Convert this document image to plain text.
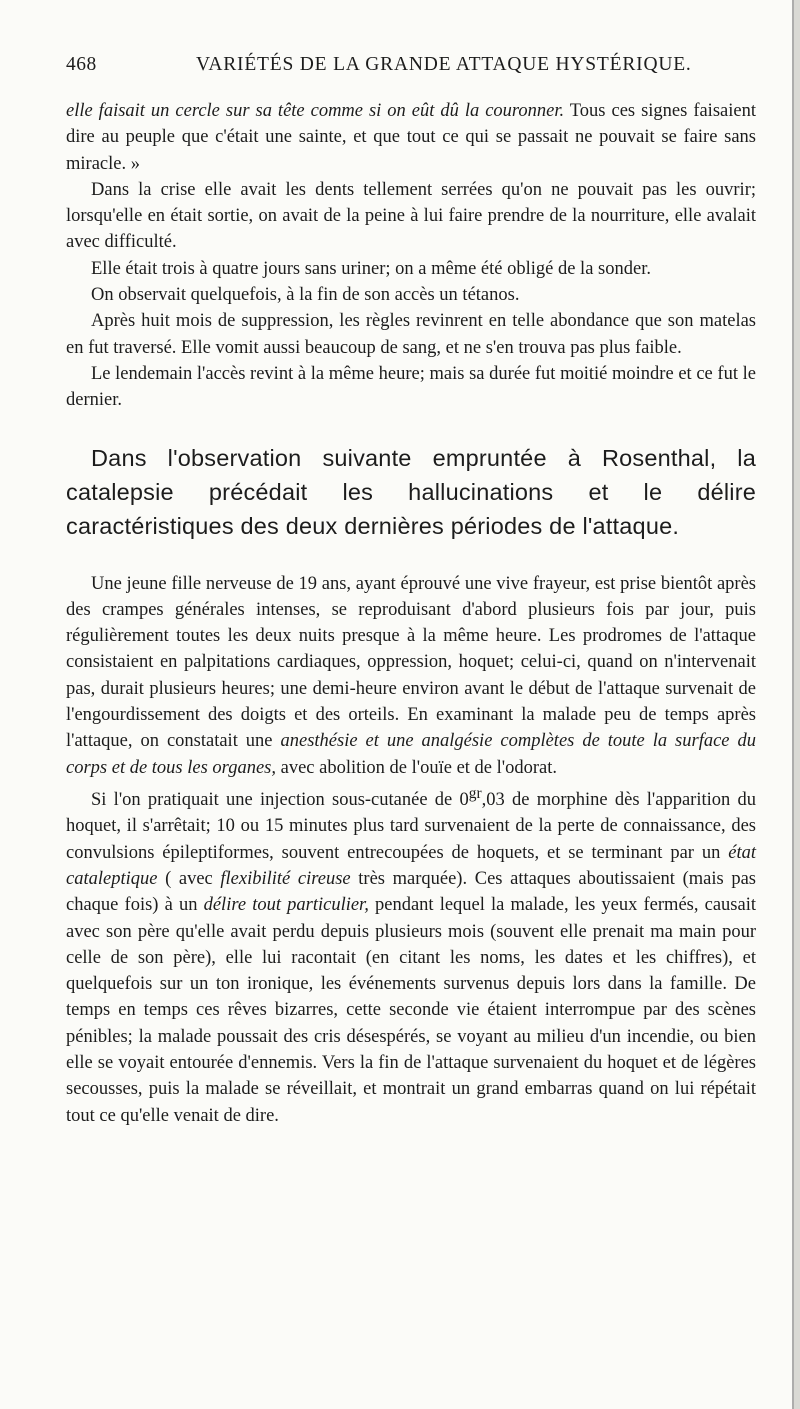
468	VARIÉTÉS DE LA GRANDE ATTAQUE HYSTÉRIQUE.

elle faisait un cercle sur sa tête comme si on eût dû la couronner. Tous ces signes faisaient dire au peuple que c'était une sainte, et que tout ce qui se passait ne pouvait se faire sans miracle. »

Dans la crise elle avait les dents tellement serrées qu'on ne pouvait pas les ouvrir; lorsqu'elle en était sortie, on avait de la peine à lui faire prendre de la nourriture, elle avalait avec difficulté.

Elle était trois à quatre jours sans uriner; on a même été obligé de la sonder.

On observait quelquefois, à la fin de son accès un tétanos.

Après huit mois de suppression, les règles revinrent en telle abondance que son matelas en fut traversé. Elle vomit aussi beaucoup de sang, et ne s'en trouva pas plus faible.

Le lendemain l'accès revint à la même heure; mais sa durée fut moitié moindre et ce fut le dernier.

Dans l'observation suivante empruntée à Rosenthal, la catalepsie précédait les hallucinations et le délire caractéristiques des deux dernières périodes de l'attaque.

Une jeune fille nerveuse de 19 ans, ayant éprouvé une vive frayeur, est prise bientôt après des crampes générales intenses, se reproduisant d'abord plusieurs fois par jour, puis régulièrement toutes les deux nuits presque à la même heure. Les prodromes de l'attaque consistaient en palpitations cardiaques, oppression, hoquet; celui-ci, quand on n'intervenait pas, durait plusieurs heures; une demi-heure environ avant le début de l'attaque survenait de l'engourdissement des doigts et des orteils. En examinant la malade peu de temps après l'attaque, on constatait une anesthésie et une analgésie complètes de toute la surface du corps et de tous les organes, avec abolition de l'ouïe et de l'odorat.

Si l'on pratiquait une injection sous-cutanée de $0^{gr},03$ de morphine dès l'apparition du hoquet, il s'arrêtait; 10 ou 15 minutes plus tard survenaient de la perte de connaissance, des convulsions épileptiformes, souvent entrecoupées de hoquets, et se terminant par un état cataleptique ( avec flexibilité cireuse très marquée). Ces attaques aboutissaient (mais pas chaque fois) à un délire tout particulier, pendant lequel la malade, les yeux fermés, causait avec son père qu'elle avait perdu depuis plusieurs mois (souvent elle prenait ma main pour celle de son père), elle lui racontait (en citant les noms, les dates et les chiffres), et quelquefois sur un ton ironique, les événements survenus depuis lors dans la famille. De temps en temps ces rêves bizarres, cette seconde vie étaient interrompue par des scènes pénibles; la malade poussait des cris désespérés, se voyant au milieu d'un incendie, ou bien elle se voyait entourée d'ennemis. Vers la fin de l'attaque survenaient du hoquet et de légères secousses, puis la malade se réveillait, et montrait un grand embarras quand on lui répétait tout ce qu'elle venait de dire.
